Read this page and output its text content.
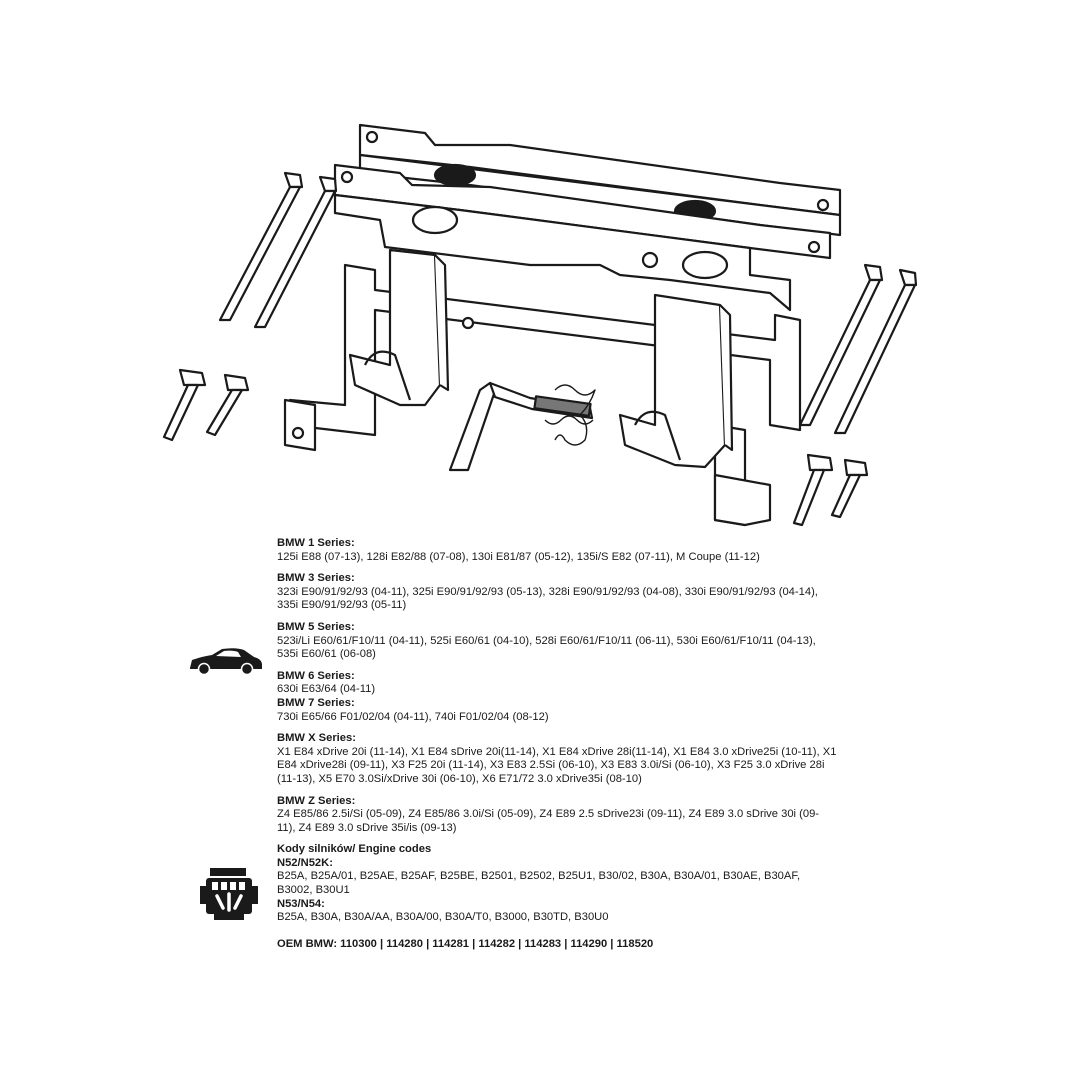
BMW 1 Series:
125i E88 (07-13), 128i E82/88 (07-08), 130i E81/87 (05-12), 135i/S E82 (07-11), M Coupe (11-12)
BMW 3 Series:
323i E90/91/92/93 (04-11), 325i E90/91/92/93 (05-13), 328i E90/91/92/93 (04-08), 330i E90/91/92/93 (04-14), 335i E90/91/92/93 (05-11)
BMW 5 Series:
523i/Li E60/61/F10/11 (04-11), 525i E60/61 (04-10), 528i E60/61/F10/11 (06-11), 530i E60/61/F10/11 (04-13), 535i E60/61 (06-08)
BMW 6 Series:
630i E63/64 (04-11)
BMW 7 Series:
730i E65/66 F01/02/04 (04-11), 740i F01/02/04 (08-12)
BMW X Series:
X1 E84 xDrive 20i (11-14), X1 E84 sDrive 20i(11-14), X1 E84 xDrive 28i(11-14), X1 E84 3.0 xDrive25i (10-11), X1 E84 xDrive28i (09-11), X3 F25 20i (11-14), X3 E83 2.5Si (06-10), X3 E83 3.0i/Si (06-10), X3 F25 3.0 xDrive 28i (11-13), X5 E70 3.0Si/xDrive 30i (06-10), X6 E71/72 3.0 xDrive35i (08-10)
BMW Z Series:
Z4 E85/86 2.5i/Si (05-09), Z4 E85/86 3.0i/Si (05-09), Z4 E89 2.5 sDrive23i (09-11), Z4 E89 3.0 sDrive 30i (09-11), Z4 E89 3.0 sDrive 35i/is (09-13)
Kody silników/ Engine codes
N52/N52K:
B25A, B25A/01, B25AE, B25AF, B25BE, B2501, B2502, B25U1, B30/02, B30A, B30A/01, B30AE, B30AF, B3002, B30U1
N53/N54:
B25A, B30A, B30A/AA, B30A/00, B30A/T0, B3000, B30TD, B30U0
OEM BMW: 110300 | 114280 | 114281 | 114282 | 114283 | 114290 | 118520
